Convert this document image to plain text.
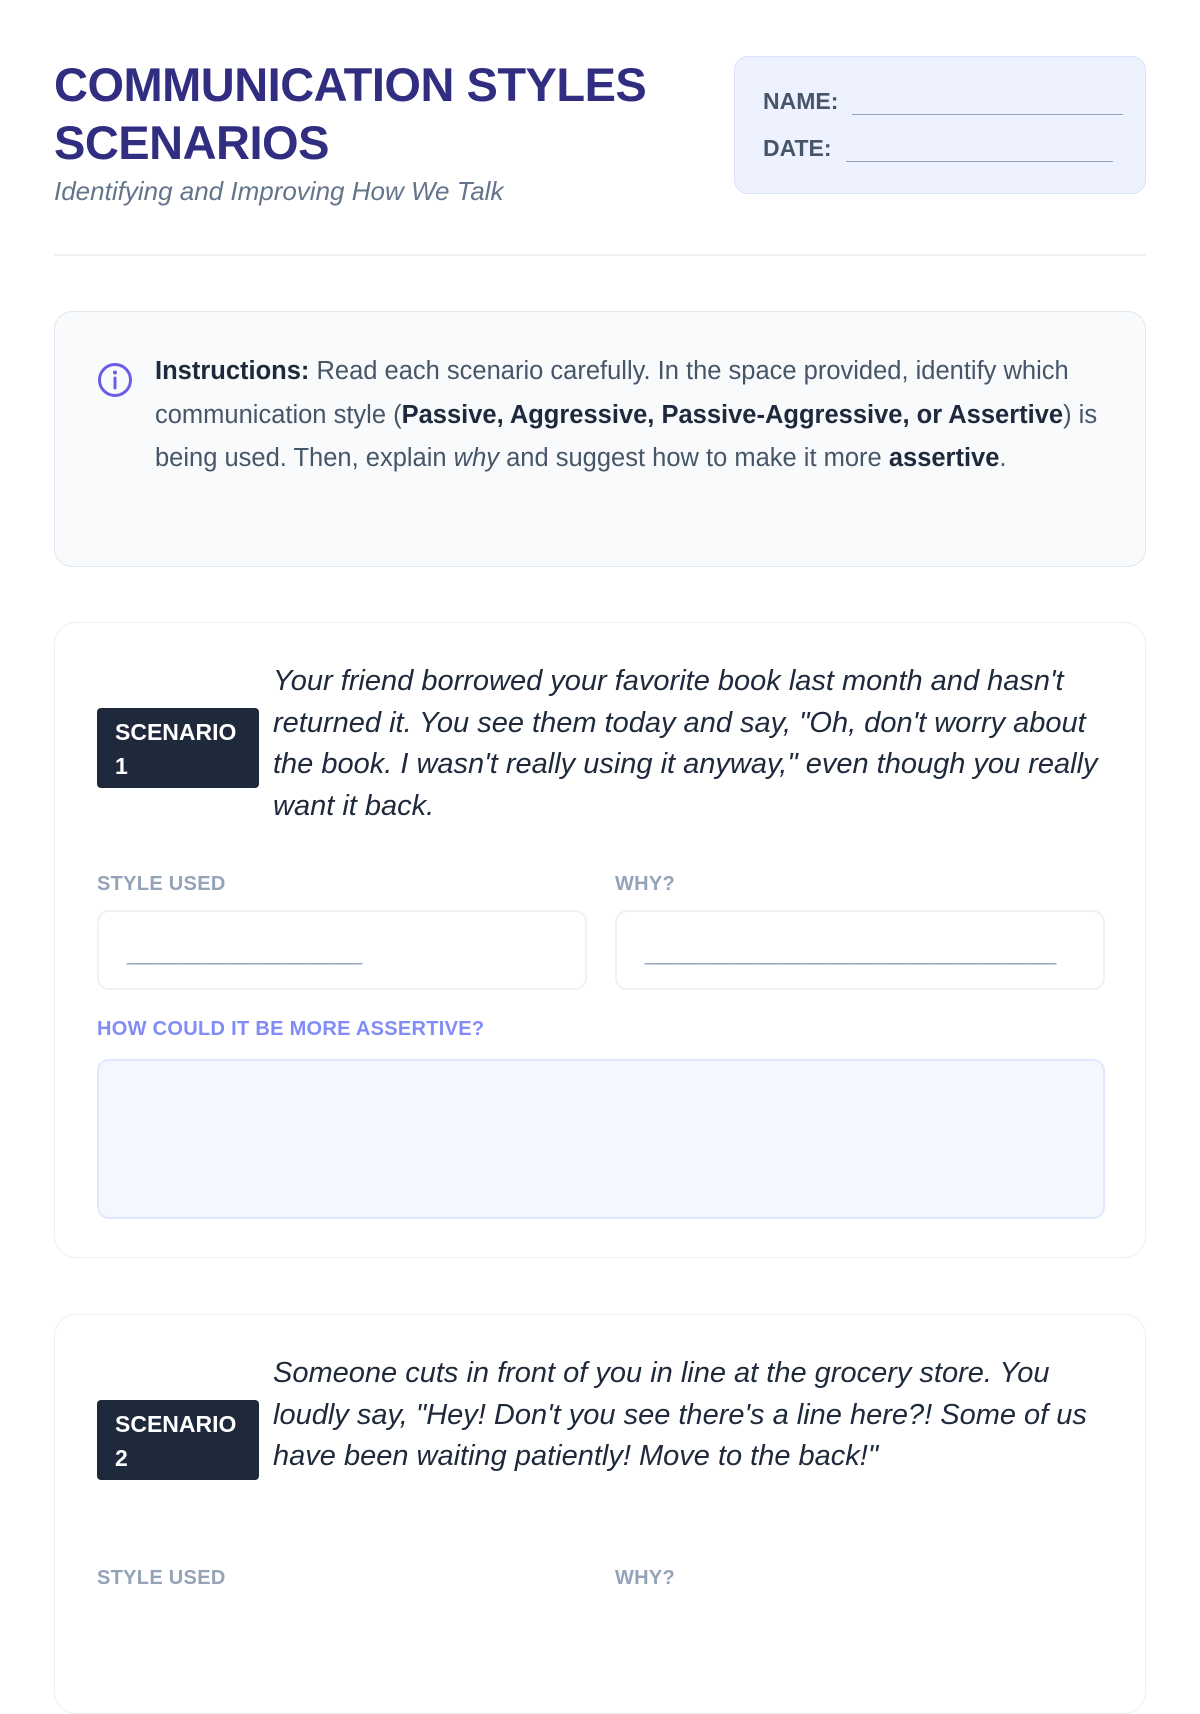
COMMUNICATION STYLES SCENARIOS

Identifying and Improving How We Talk

NAME:
DATE:

Instructions: Read each scenario carefully. In the space provided, identify which communication style (Passive, Aggressive, Passive-Aggressive, or Assertive) is being used. Then, explain why and suggest how to make it more assertive.

SCENARIO
1

Your friend borrowed your favorite book last month and hasn't returned it. You see them today and say, "Oh, don't worry about the book. I wasn't really using it anyway," even though you really want it back.

STYLE USED	WHY?
____________________	___________________________________
HOW COULD IT BE MORE ASSERTIVE?
SCENARIO
2

Someone cuts in front of you in line at the grocery store. You loudly say, "Hey! Don't you see there's a line here?! Some of us have been waiting patiently! Move to the back!"

STYLE USED	WHY?
